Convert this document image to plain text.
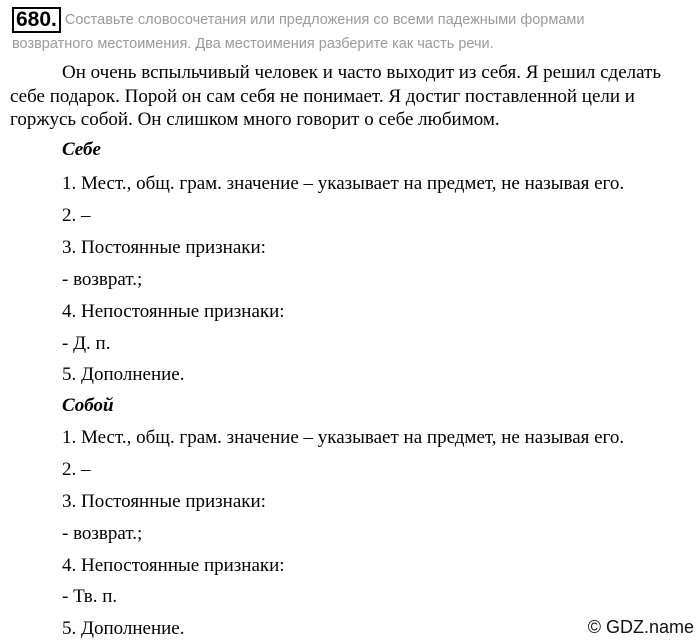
680. Составьте словосочетания или предложения со всеми падежными формами
возвратного местоимения. Два местоимения разберите как часть речи.

Он очень вспыльчивый человек и часто выходит из себя. Я решил сделать себе подарок. Порой он сам себя не понимает. Я достиг поставленной цели и горжусь собой. Он слишком много говорит о себе любимом.

Себе
1. Мест., общ. грам. значение – указывает на предмет, не называя его.
2. –
3. Постоянные признаки:
- возврат.;
4. Непостоянные признаки:
- Д. п.
5. Дополнение.
Собой
1. Мест., общ. грам. значение – указывает на предмет, не называя его.
2. –
3. Постоянные признаки:
- возврат.;
4. Непостоянные признаки:
- Тв. п.
5. Дополнение.	© GDZ.name
